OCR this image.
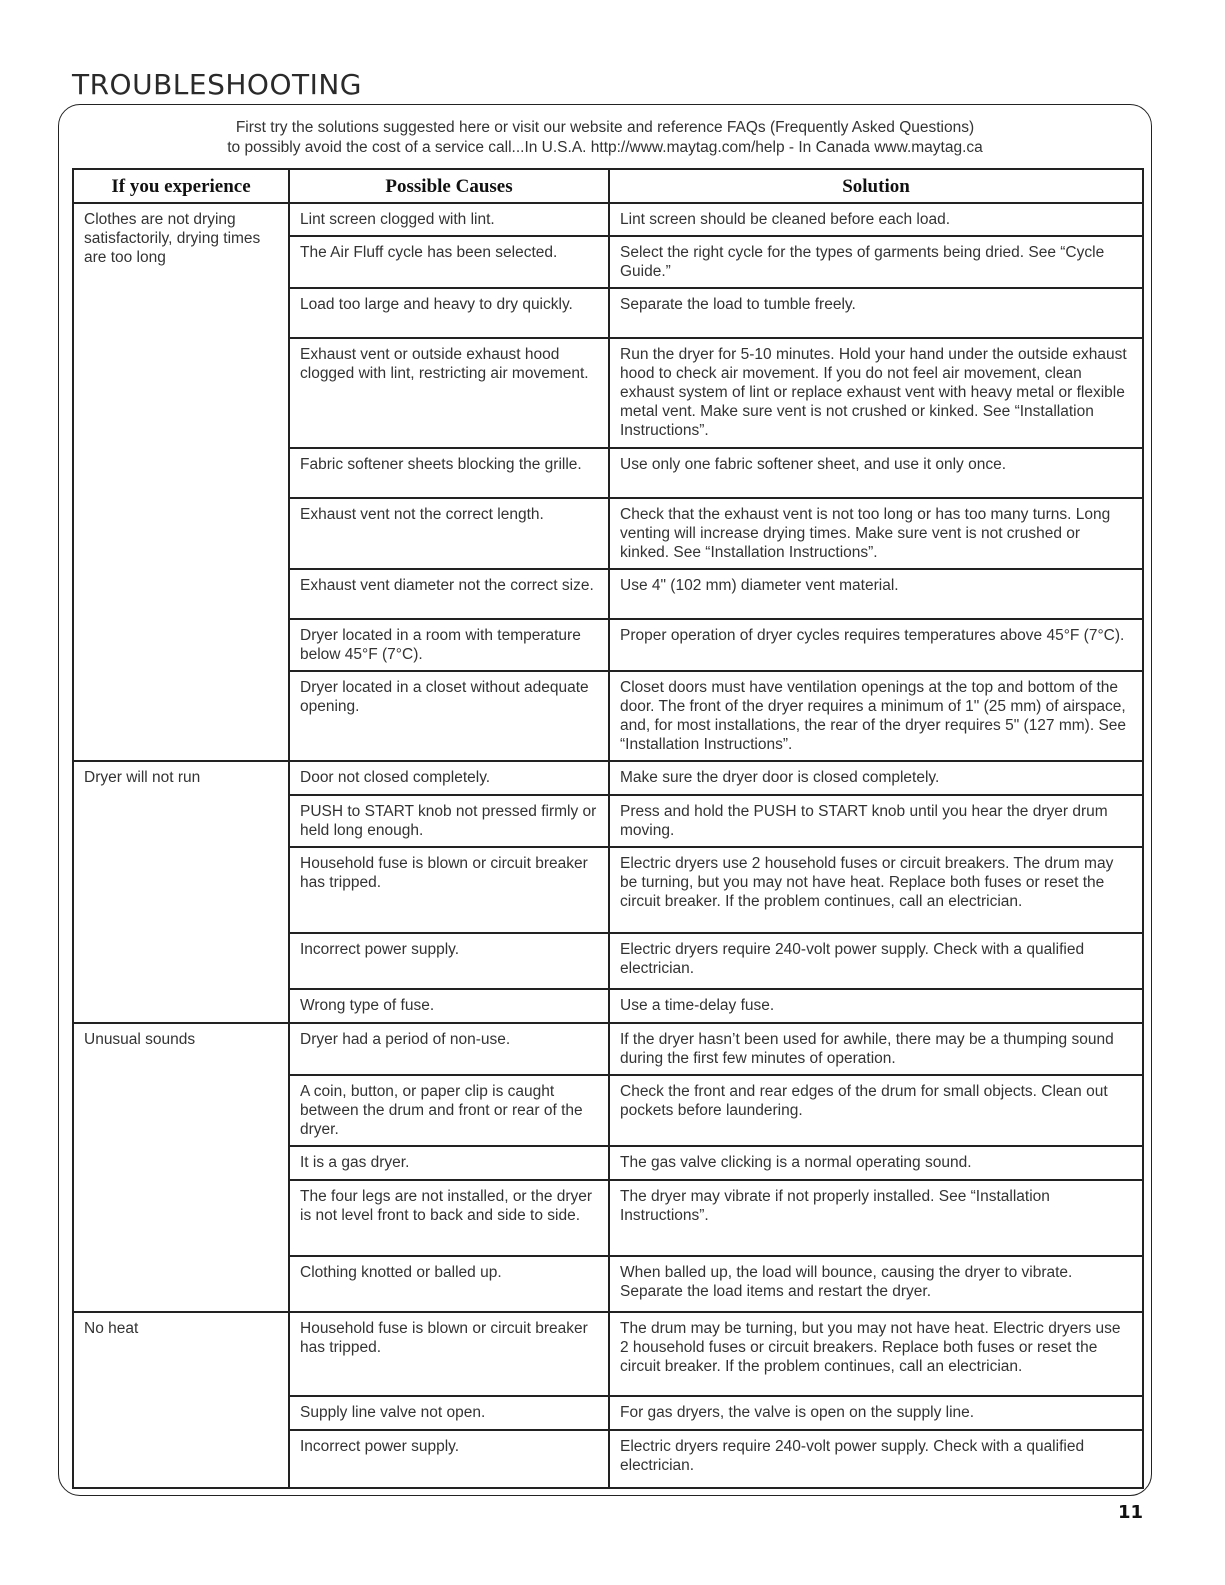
TROUBLESHOOTING
First try the solutions suggested here or visit our website and reference FAQs (Frequently Asked Questions)
to possibly avoid the cost of a service call...In U.S.A. http://www.maytag.com/help - In Canada www.maytag.ca
If you experience	Possible Causes	Solution
Clothes are not drying satisfactorily, drying times are too long	Lint screen clogged with lint.	Lint screen should be cleaned before each load.
	The Air Fluff cycle has been selected.	Select the right cycle for the types of garments being dried. See “Cycle Guide.”
	Load too large and heavy to dry quickly.	Separate the load to tumble freely.
	Exhaust vent or outside exhaust hood clogged with lint, restricting air movement.	Run the dryer for 5-10 minutes. Hold your hand under the outside exhaust hood to check air movement. If you do not feel air movement, clean exhaust system of lint or replace exhaust vent with heavy metal or flexible metal vent. Make sure vent is not crushed or kinked. See “Installation Instructions”.
	Fabric softener sheets blocking the grille.	Use only one fabric softener sheet, and use it only once.
	Exhaust vent not the correct length.	Check that the exhaust vent is not too long or has too many turns. Long venting will increase drying times. Make sure vent is not crushed or kinked. See “Installation Instructions”.
	Exhaust vent diameter not the correct size.	Use 4" (102 mm) diameter vent material.
	Dryer located in a room with temperature below 45°F (7°C).	Proper operation of dryer cycles requires temperatures above 45°F (7°C).
	Dryer located in a closet without adequate opening.	Closet doors must have ventilation openings at the top and bottom of the door. The front of the dryer requires a minimum of 1" (25 mm) of airspace, and, for most installations, the rear of the dryer requires 5" (127 mm). See “Installation Instructions”.
Dryer will not run	Door not closed completely.	Make sure the dryer door is closed completely.
	PUSH to START knob not pressed firmly or held long enough.	Press and hold the PUSH to START knob until you hear the dryer drum moving.
	Household fuse is blown or circuit breaker has tripped.	Electric dryers use 2 household fuses or circuit breakers. The drum may be turning, but you may not have heat. Replace both fuses or reset the circuit breaker. If the problem continues, call an electrician.
	Incorrect power supply.	Electric dryers require 240-volt power supply. Check with a qualified electrician.
	Wrong type of fuse.	Use a time-delay fuse.
Unusual sounds	Dryer had a period of non-use.	If the dryer hasn’t been used for awhile, there may be a thumping sound during the first few minutes of operation.
	A coin, button, or paper clip is caught between the drum and front or rear of the dryer.	Check the front and rear edges of the drum for small objects. Clean out pockets before laundering.
	It is a gas dryer.	The gas valve clicking is a normal operating sound.
	The four legs are not installed, or the dryer is not level front to back and side to side.	The dryer may vibrate if not properly installed. See “Installation Instructions”.
	Clothing knotted or balled up.	When balled up, the load will bounce, causing the dryer to vibrate. Separate the load items and restart the dryer.
No heat	Household fuse is blown or circuit breaker has tripped.	The drum may be turning, but you may not have heat. Electric dryers use 2 household fuses or circuit breakers. Replace both fuses or reset the circuit breaker. If the problem continues, call an electrician.
	Supply line valve not open.	For gas dryers, the valve is open on the supply line.
	Incorrect power supply.	Electric dryers require 240-volt power supply. Check with a qualified electrician.
11
